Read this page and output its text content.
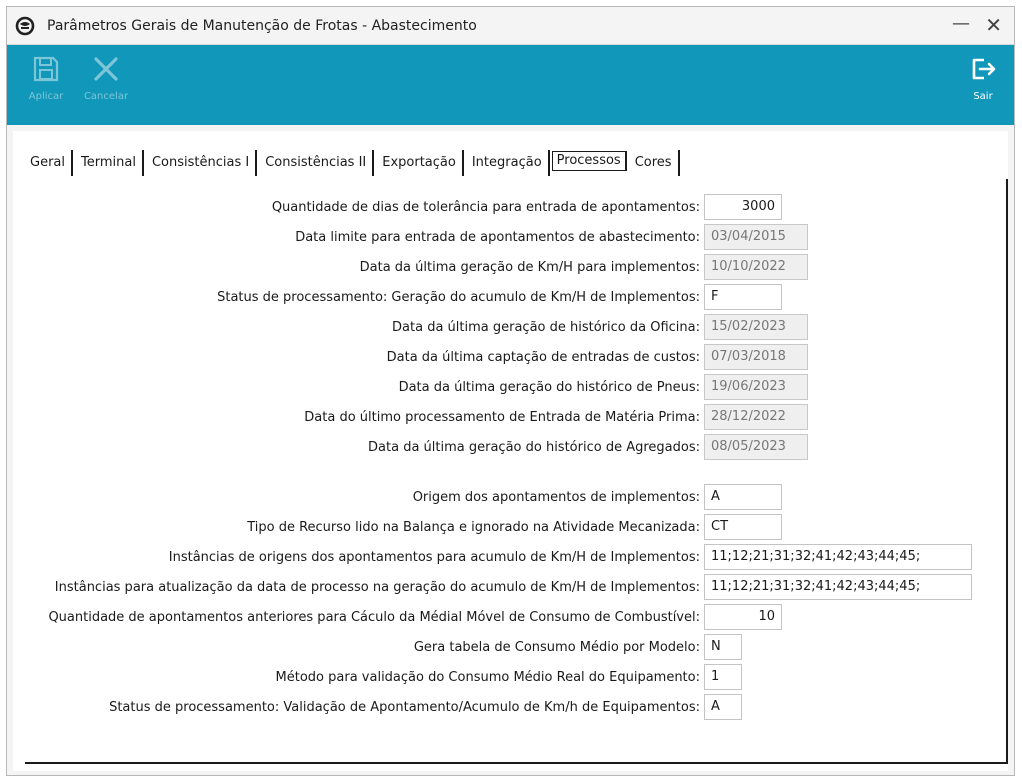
Parâmetros Gerais de Manutenção de Frotas - Abastecimento	— ✕
Aplicar Cancelar	Sair
Geral Terminal Consistências I Consistências II Exportação Integração Processos Cores
Quantidade de dias de tolerância para entrada de apontamentos:	3000
Data limite para entrada de apontamentos de abastecimento: 03/04/2015
Data da última geração de Km/H para implementos: 10/10/2022
Status de processamento: Geração do acumulo de Km/H de Implementos: F
Data da última geração de histórico da Oficina: 15/02/2023
Data da última captação de entradas de custos: 07/03/2018
Data da última geração do histórico de Pneus: 19/06/2023
Data do último processamento de Entrada de Matéria Prima: 28/12/2022
Data da última geração do histórico de Agregados: 08/05/2023
Origem dos apontamentos de implementos: A
Tipo de Recurso lido na Balança e ignorado na Atividade Mecanizada: CT
Instâncias de origens dos apontamentos para acumulo de Km/H de Implementos: 11;12;21;31;32;41;42;43;44;45;
Instâncias para atualização da data de processo na geração do acumulo de Km/H de Implementos: 11;12;21;31;32;41;42;43;44;45;
Quantidade de apontamentos anteriores para Cáculo da Médial Móvel de Consumo de Combustível:	10
Gera tabela de Consumo Médio por Modelo: N
Método para validação do Consumo Médio Real do Equipamento: 1
Status de processamento: Validação de Apontamento/Acumulo de Km/h de Equipamentos: A
